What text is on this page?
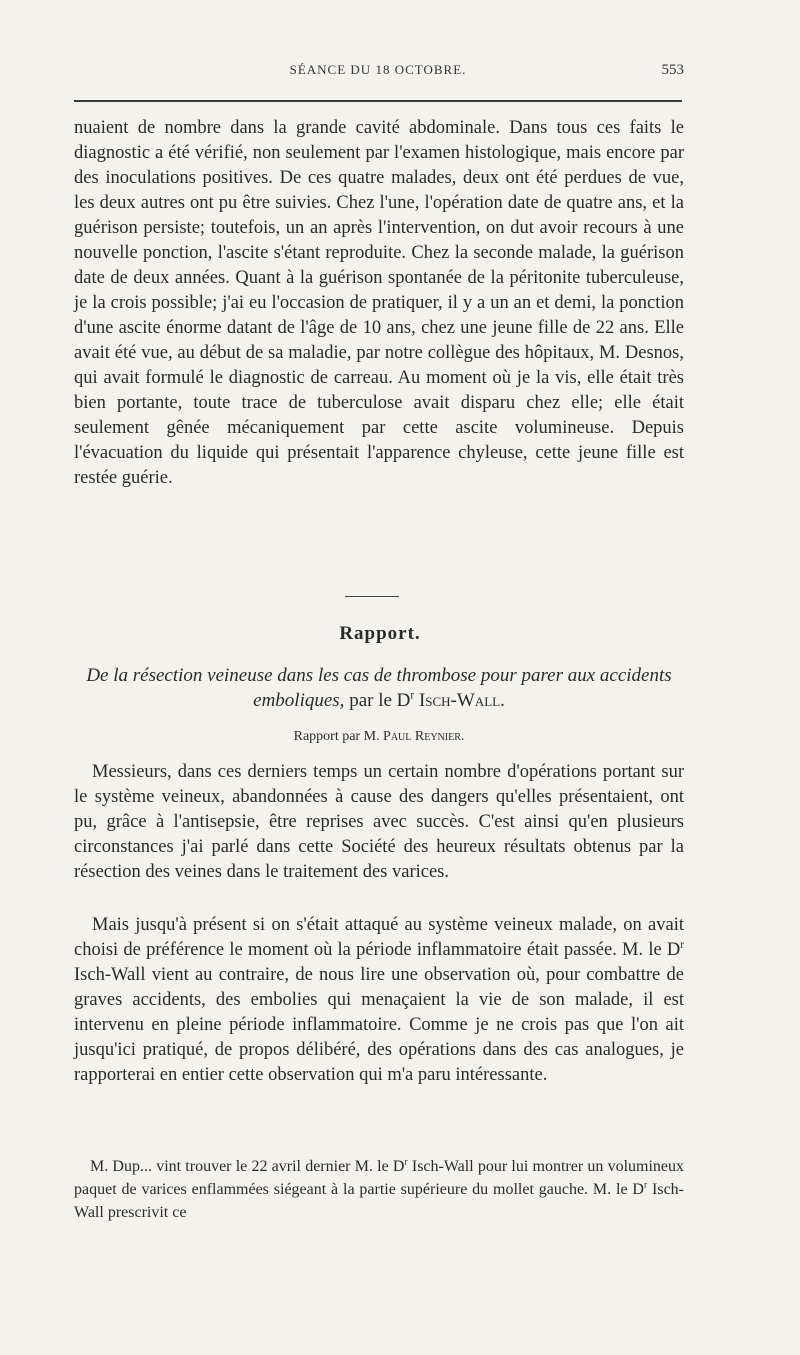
SÉANCE DU 18 OCTOBRE.	553

nuaient de nombre dans la grande cavité abdominale. Dans tous ces faits le diagnostic a été vérifié, non seulement par l'examen histologique, mais encore par des inoculations positives. De ces quatre malades, deux ont été perdues de vue, les deux autres ont pu être suivies. Chez l'une, l'opération date de quatre ans, et la guérison persiste; toutefois, un an après l'intervention, on dut avoir recours à une nouvelle ponction, l'ascite s'étant reproduite. Chez la seconde malade, la guérison date de deux années. Quant à la guérison spontanée de la péritonite tuberculeuse, je la crois possible; j'ai eu l'occasion de pratiquer, il y a un an et demi, la ponction d'une ascite énorme datant de l'âge de 10 ans, chez une jeune fille de 22 ans. Elle avait été vue, au début de sa maladie, par notre collègue des hôpitaux, M. Desnos, qui avait formulé le diagnostic de carreau. Au moment où je la vis, elle était très bien portante, toute trace de tuberculose avait disparu chez elle; elle était seulement gênée mécaniquement par cette ascite volumineuse. Depuis l'évacuation du liquide qui présentait l'apparence chyleuse, cette jeune fille est restée guérie.

Rapport.
De la résection veineuse dans les cas de thrombose pour parer aux accidents emboliques, par le $D^r$ Isch-Wall.
Rapport par M. Paul Reynier.

Messieurs, dans ces derniers temps un certain nombre d'opérations portant sur le système veineux, abandonnées à cause des dangers qu'elles présentaient, ont pu, grâce à l'antisepsie, être reprises avec succès. C'est ainsi qu'en plusieurs circonstances j'ai parlé dans cette Société des heureux résultats obtenus par la résection des veines dans le traitement des varices.

Mais jusqu'à présent si on s'était attaqué au système veineux malade, on avait choisi de préférence le moment où la période inflammatoire était passée. M. le $D^r$ Isch-Wall vient au contraire, de nous lire une observation où, pour combattre de graves accidents, des embolies qui menaçaient la vie de son malade, il est intervenu en pleine période inflammatoire. Comme je ne crois pas que l'on ait jusqu'ici pratiqué, de propos délibéré, des opérations dans des cas analogues, je rapporterai en entier cette observation qui m'a paru intéressante.

M. Dup... vint trouver le 22 avril dernier M. le $D^r$ Isch-Wall pour lui montrer un volumineux paquet de varices enflammées siégeant à la partie supérieure du mollet gauche. M. le $D^r$ Isch-Wall prescrivit ce
